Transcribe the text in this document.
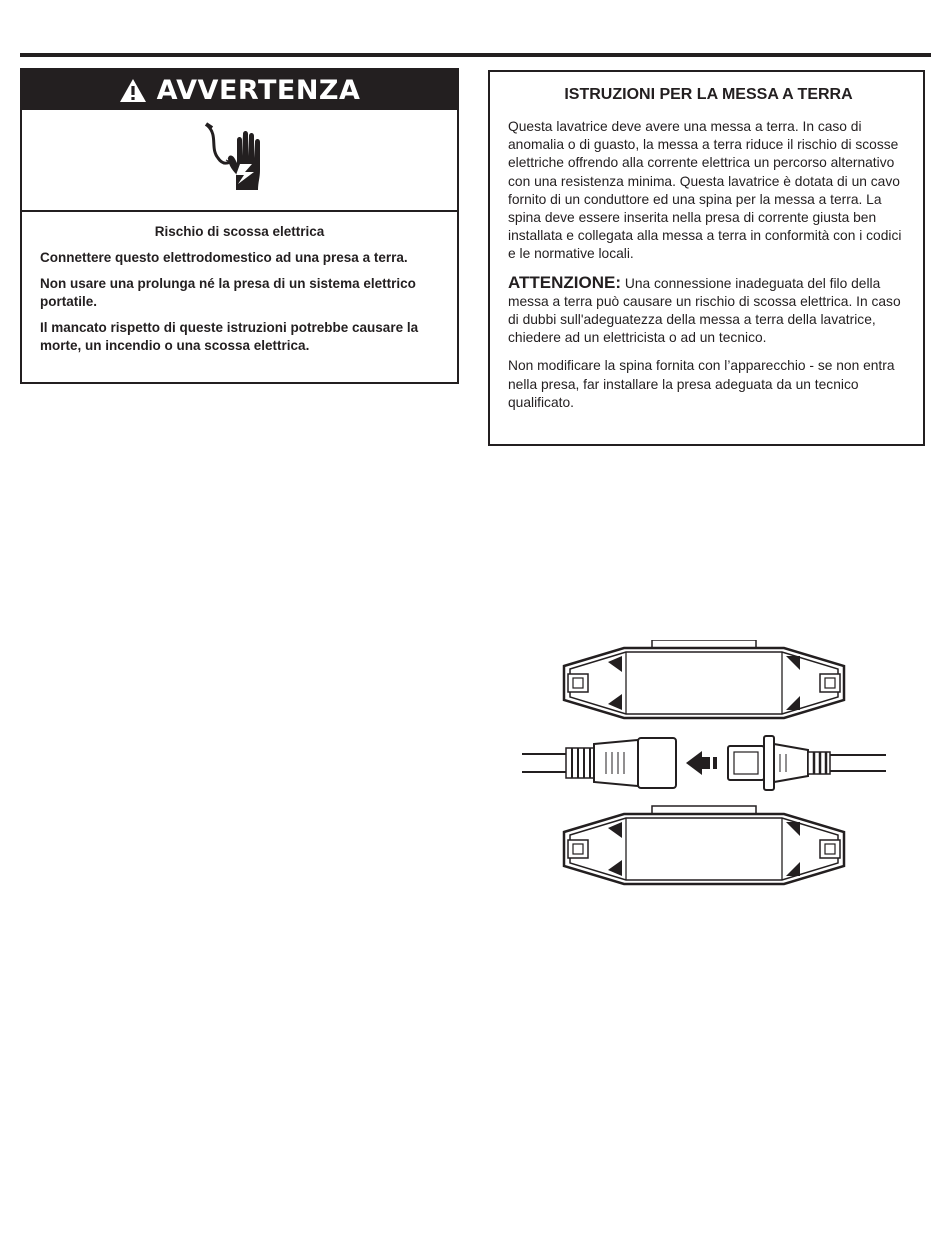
AVVERTENZA
Rischio di scossa elettrica

Connettere questo elettrodomestico ad una presa a terra.

Non usare una prolunga né la presa di un sistema elettrico portatile.

Il mancato rispetto di queste istruzioni potrebbe causare la morte, un incendio o una scossa elettrica.

ISTRUZIONI PER LA MESSA A TERRA

Questa lavatrice deve avere una messa a terra. In caso di anomalia o di guasto, la messa a terra riduce il rischio di scosse elettriche offrendo alla corrente elettrica un percorso alternativo con una resistenza minima. Questa lavatrice è dotata di un cavo fornito di un conduttore ed una spina per la messa a terra. La spina deve essere inserita nella presa di corrente giusta ben installata e collegata alla messa a terra in conformità con i codici e le normative locali.

ATTENZIONE: Una connessione inadeguata del filo della messa a terra può causare un rischio di scossa elettrica. In caso di dubbi sull'adeguatezza della messa a terra della lavatrice, chiedere ad un elettricista o ad un tecnico.

Non modificare la spina fornita con l’apparecchio - se non entra nella presa, far installare la presa adeguata da un tecnico qualificato.
